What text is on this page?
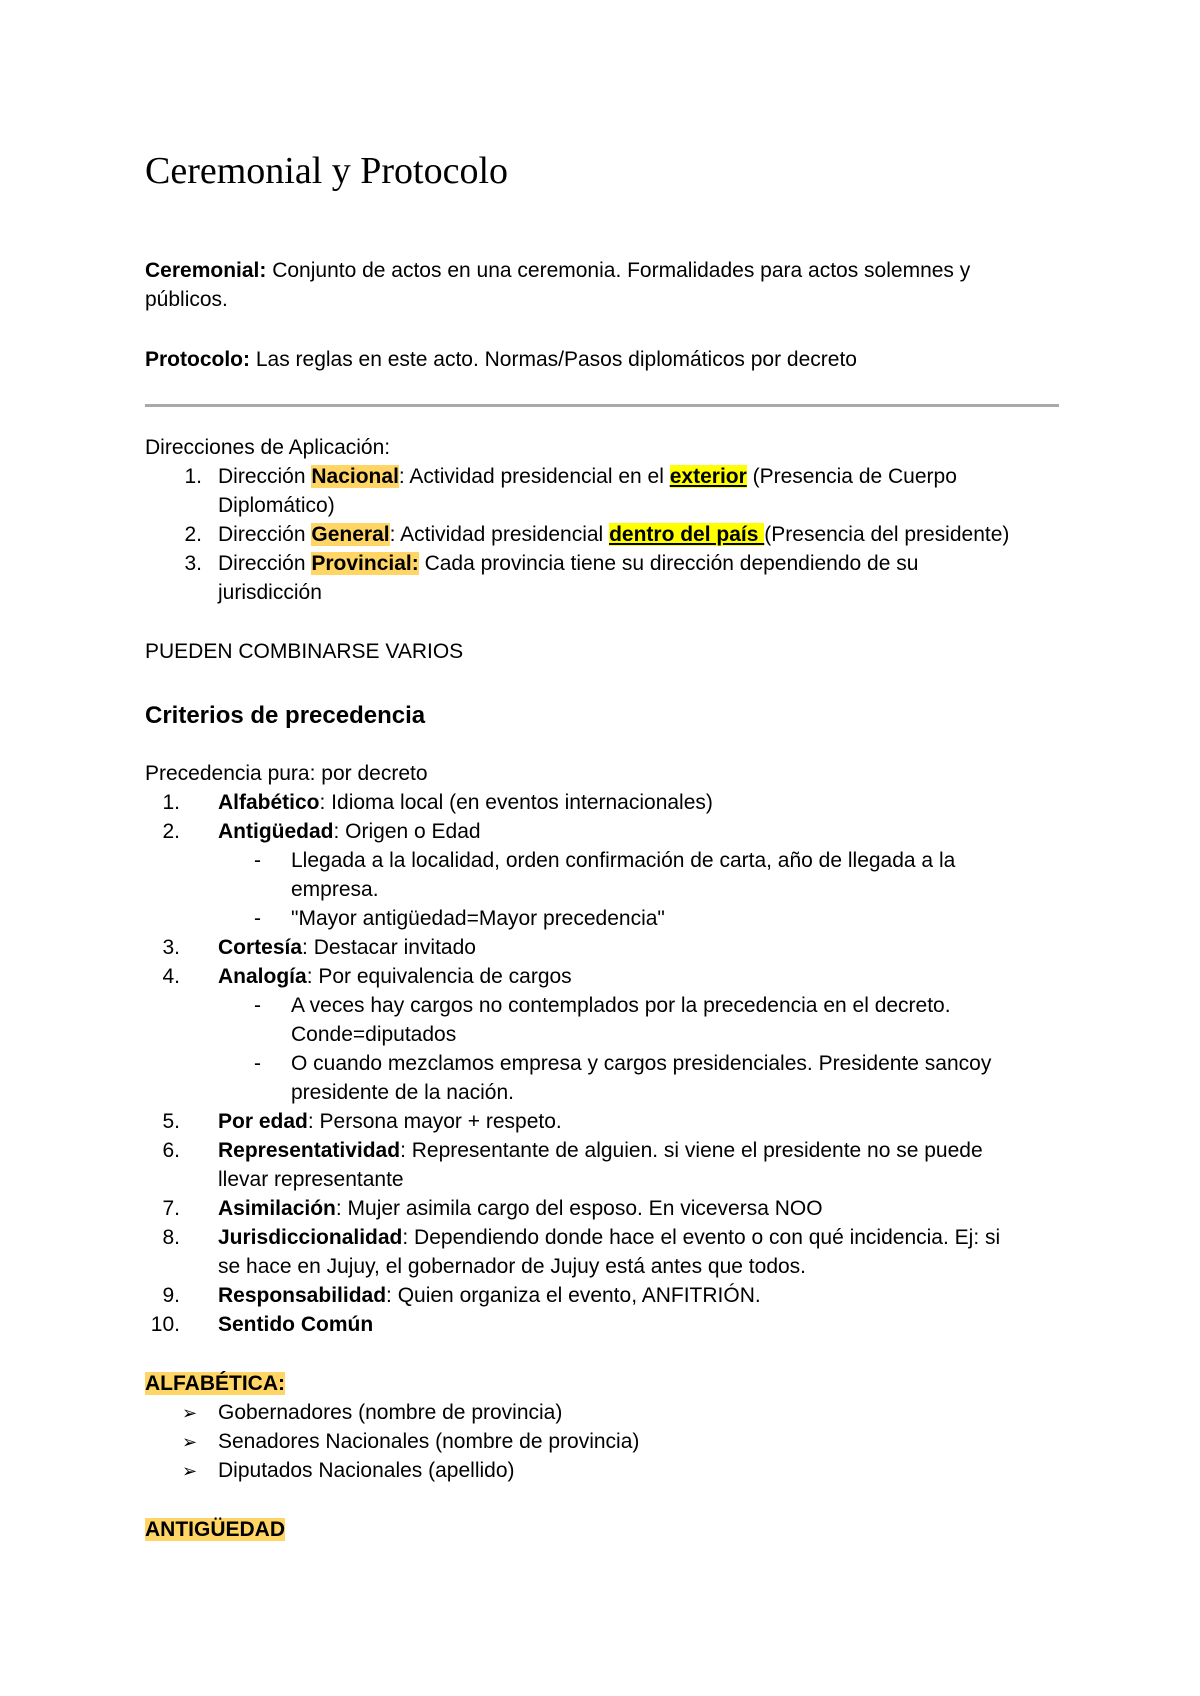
Ceremonial y Protocolo
Ceremonial: Conjunto de actos en una ceremonia. Formalidades para actos solemnes y
públicos.
Protocolo: Las reglas en este acto. Normas/Pasos diplomáticos por decreto
Direcciones de Aplicación:
1. Dirección Nacional: Actividad presidencial en el exterior (Presencia de Cuerpo
Diplomático)
2. Dirección General: Actividad presidencial dentro del país (Presencia del presidente)
3. Dirección Provincial: Cada provincia tiene su dirección dependiendo de su
jurisdicción
PUEDEN COMBINARSE VARIOS
Criterios de precedencia
Precedencia pura: por decreto
1. Alfabético: Idioma local (en eventos internacionales)
2. Antigüedad: Origen o Edad
- Llegada a la localidad, orden confirmación de carta, año de llegada a la
empresa.
- "Mayor antigüedad=Mayor precedencia"
3. Cortesía: Destacar invitado
4. Analogía: Por equivalencia de cargos
- A veces hay cargos no contemplados por la precedencia en el decreto.
Conde=diputados
- O cuando mezclamos empresa y cargos presidenciales. Presidente sancoy
presidente de la nación.
5. Por edad: Persona mayor + respeto.
6. Representatividad: Representante de alguien. si viene el presidente no se puede
llevar representante
7. Asimilación: Mujer asimila cargo del esposo. En viceversa NOO
8. Jurisdiccionalidad: Dependiendo donde hace el evento o con qué incidencia. Ej: si
se hace en Jujuy, el gobernador de Jujuy está antes que todos.
9. Responsabilidad: Quien organiza el evento, ANFITRIÓN.
10. Sentido Común
ALFABÉTICA:
➢ Gobernadores (nombre de provincia)
➢ Senadores Nacionales (nombre de provincia)
➢ Diputados Nacionales (apellido)
ANTIGÜEDAD
